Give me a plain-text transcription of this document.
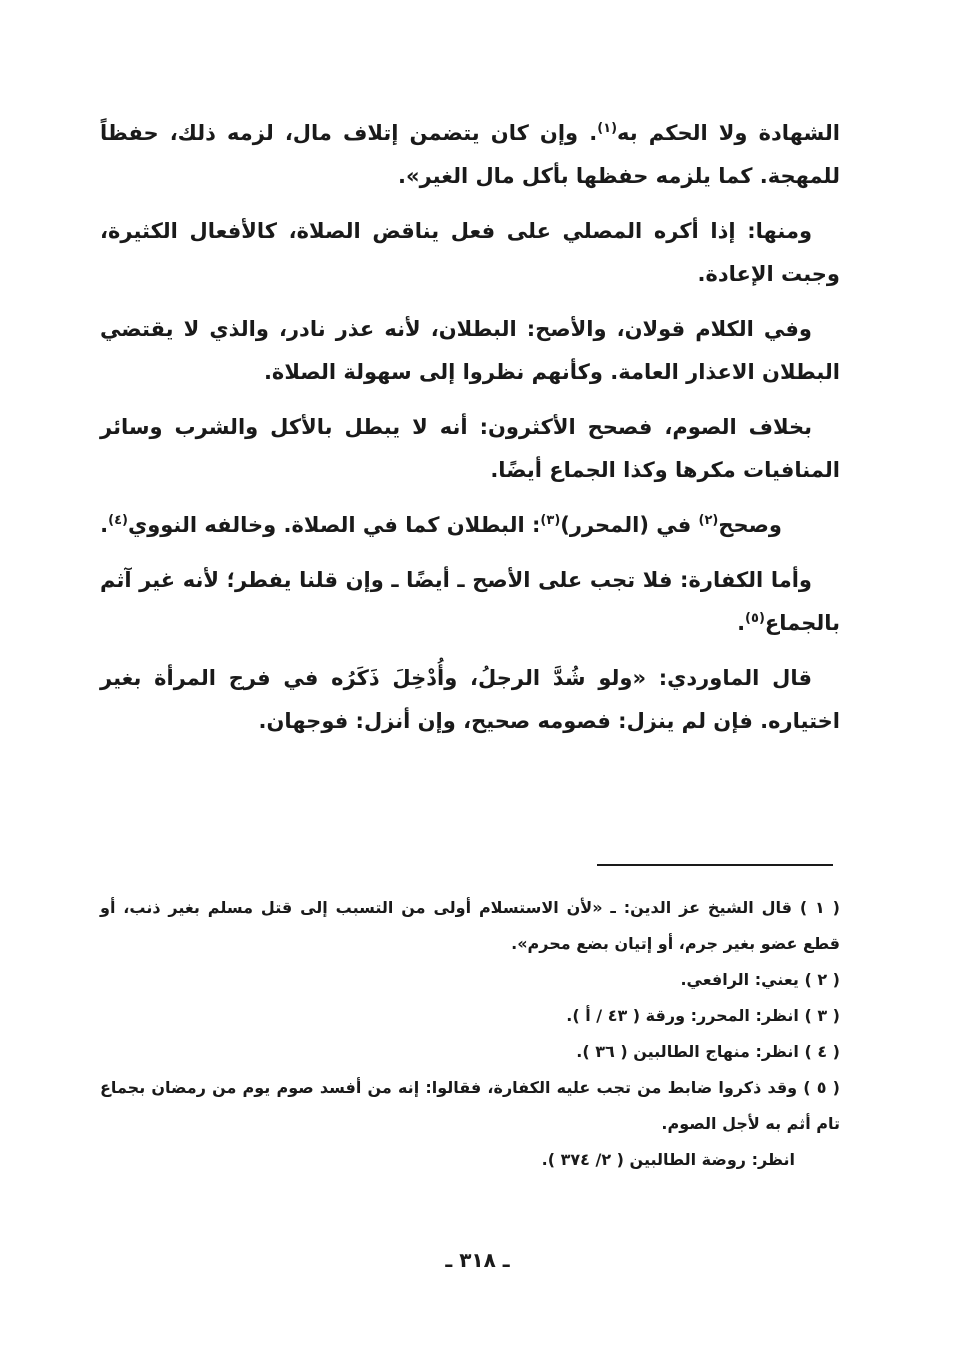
الشهادة ولا الحكم به$^{(١)}$. وإن كان يتضمن إتلاف مال، لزمه ذلك، حفظاً للمهجة. كما يلزمه حفظها بأكل مال الغير».

ومنها: إذا أكره المصلي على فعل يناقض الصلاة، كالأفعال الكثيرة، وجبت الإعادة.

وفي الكلام قولان، والأصح: البطلان، لأنه عذر نادر، والذي لا يقتضي البطلان الاعذار العامة. وكأنهم نظروا إلى سهولة الصلاة.

بخلاف الصوم، فصحح الأكثرون: أنه لا يبطل بالأكل والشرب وسائر المنافيات مكرها وكذا الجماع أيضًا.

وصحح$^{(٢)}$ في (المحرر)$^{(٣)}$: البطلان كما في الصلاة. وخالفه النووي$^{(٤)}$.

وأما الكفارة: فلا تجب على الأصح ـ أيضًا ـ وإن قلنا يفطر؛ لأنه غير آثم بالجماع$^{(٥)}$.

قال الماوردي: «ولو شُدَّ الرجلُ، وأُدْخِلَ ذَكَرُه في فرج المرأة بغير اختياره. فإن لم ينزل: فصومه صحيح، وإن أنزل: فوجهان.

( ١ ) قال الشيخ عز الدين: ـ «لأن الاستسلام أولى من التسبب إلى قتل مسلم بغير ذنب، أو قطع عضو بغير جرم، أو إتيان بضع محرم».

( ٢ ) يعني: الرافعي.

( ٣ ) انظر: المحرر: ورقة ( ٤٣ / أ ).

( ٤ ) انظر: منهاج الطالبين ( ٣٦ ).

( ٥ ) وقد ذكروا ضابط من تجب عليه الكفارة، فقالوا: إنه من أفسد صوم يوم من رمضان بجماع تام أثم به لأجل الصوم.

انظر: روضة الطالبين ( ٢/ ٣٧٤ ).

ـ ٣١٨ ـ
